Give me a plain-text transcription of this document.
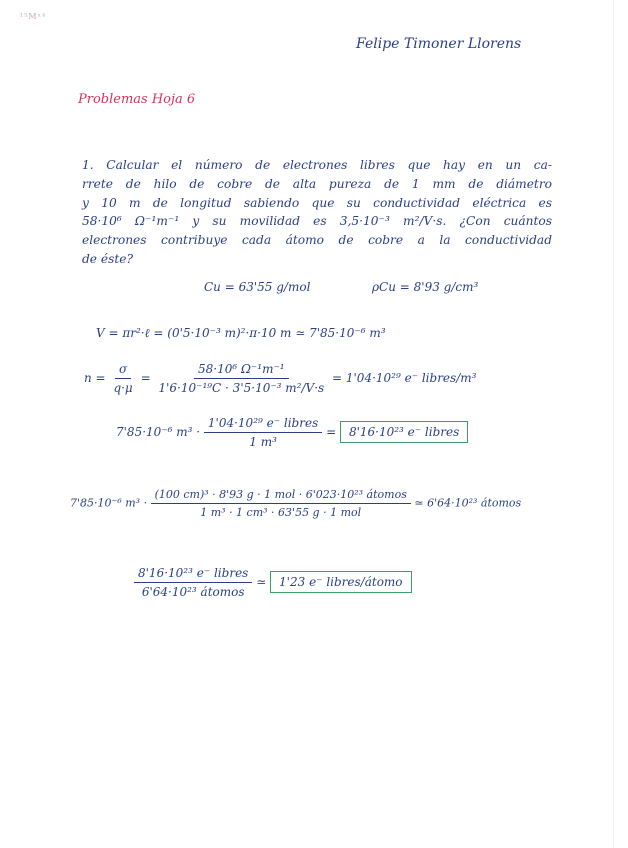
¹⁵Mˣ⁴
Felipe Timoner Llorens
Problemas Hoja 6
1. Calcular el número de electrones libres que hay en un ca-
rrete de hilo de cobre de alta pureza de 1 mm de diámetro
y 10 m de longitud sabiendo que su conductividad eléctrica es
58·10⁶ Ω⁻¹m⁻¹ y su movilidad es 3,5·10⁻³ m²/V·s. ¿Con cuántos
electrones contribuye cada átomo de cobre a la conductividad
de éste?
Cu = 63'55 g/mol	ρCu = 8'93 g/cm³
V = πr²·ℓ = (0'5·10⁻³ m)²·π·10 m ≃ 7'85·10⁻⁶ m³
$n = \frac{\sigma}{q\cdot\mu} = \frac{\text{58·10⁶ Ω⁻¹m⁻¹}}{\text{1'6·10⁻¹⁹C · 3'5·10⁻³ m²/V·s}} = 1'04\cdot 10^{29}$ e⁻ libres/m³
7'85·10⁻⁶ $m^3 \cdot \frac{\text{1'04·10²⁹ e⁻ libres}}{\text{1 m³}} = 8'16\cdot 10^{23}$ e⁻ libres
7'85·10⁻⁶ $m^3 \cdot \frac{\text{(100 cm)³ · 8'93 g · 1 mol · 6'023·10²³ átomos}}{\text{1 m³ · 1 cm³ · 63'55 g · 1 mol}}$ ≃ 6'64·10²³ átomos
$\frac{\text{8'16·10²³ e⁻ libres}}{\text{6'64·10²³ átomos}}$ ≃ 1'23 e⁻ libres/átomo
